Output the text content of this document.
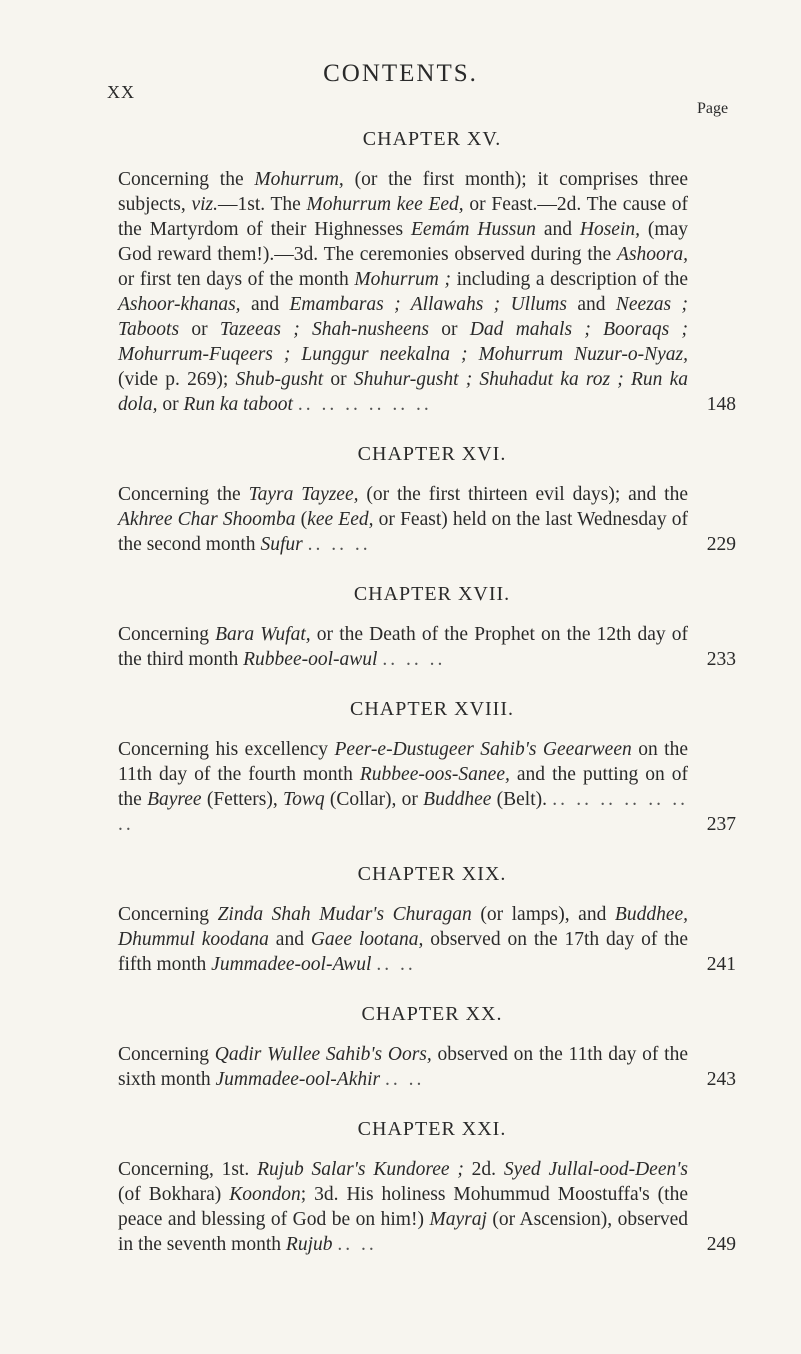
XX
CONTENTS.
Page
CHAPTER XV.
Concerning the Mohurrum, (or the first month); it comprises three subjects, viz.—1st. The Mohurrum kee Eed, or Feast.—2d. The cause of the Martyrdom of their Highnesses Eemám Hussun and Hosein, (may God reward them!).—3d. The ceremonies observed during the Ashoora, or first ten days of the month Mohurrum ; including a description of the Ashoor-khanas, and Emambaras ; Allawahs ; Ullums and Neezas ; Taboots or Tazeeas ; Shah-nusheens or Dad mahals ; Booraqs ; Mohurrum-Fuqeers ; Lunggur neekalna ; Mohurrum Nuzur-o-Nyaz, (vide p. 269); Shub-gusht or Shuhur-gusht ; Shuhadut ka roz ; Run ka dola, or Run ka taboot .. .. .. .. .. ..	148
CHAPTER XVI.
Concerning the Tayra Tayzee, (or the first thirteen evil days); and the Akhree Char Shoomba (kee Eed, or Feast) held on the last Wednesday of the second month Sufur .. .. ..	229
CHAPTER XVII.
Concerning Bara Wufat, or the Death of the Prophet on the 12th day of the third month Rubbee-ool-awul .. .. ..	233
CHAPTER XVIII.
Concerning his excellency Peer-e-Dustugeer Sahib's Geearween on the 11th day of the fourth month Rubbee-oos-Sanee, and the putting on of the Bayree (Fetters), Towq (Collar), or Buddhee (Belt). .. .. .. .. .. .. ..	237
CHAPTER XIX.
Concerning Zinda Shah Mudar's Churagan (or lamps), and Buddhee, Dhummul koodana and Gaee lootana, observed on the 17th day of the fifth month Jummadee-ool-Awul .. ..	241
CHAPTER XX.
Concerning Qadir Wullee Sahib's Oors, observed on the 11th day of the sixth month Jummadee-ool-Akhir .. ..	243
CHAPTER XXI.
Concerning, 1st. Rujub Salar's Kundoree ; 2d. Syed Jullal-ood-Deen's (of Bokhara) Koondon; 3d. His holiness Mohummud Moostuffa's (the peace and blessing of God be on him!) Mayraj (or Ascension), observed in the seventh month Rujub .. ..	249
